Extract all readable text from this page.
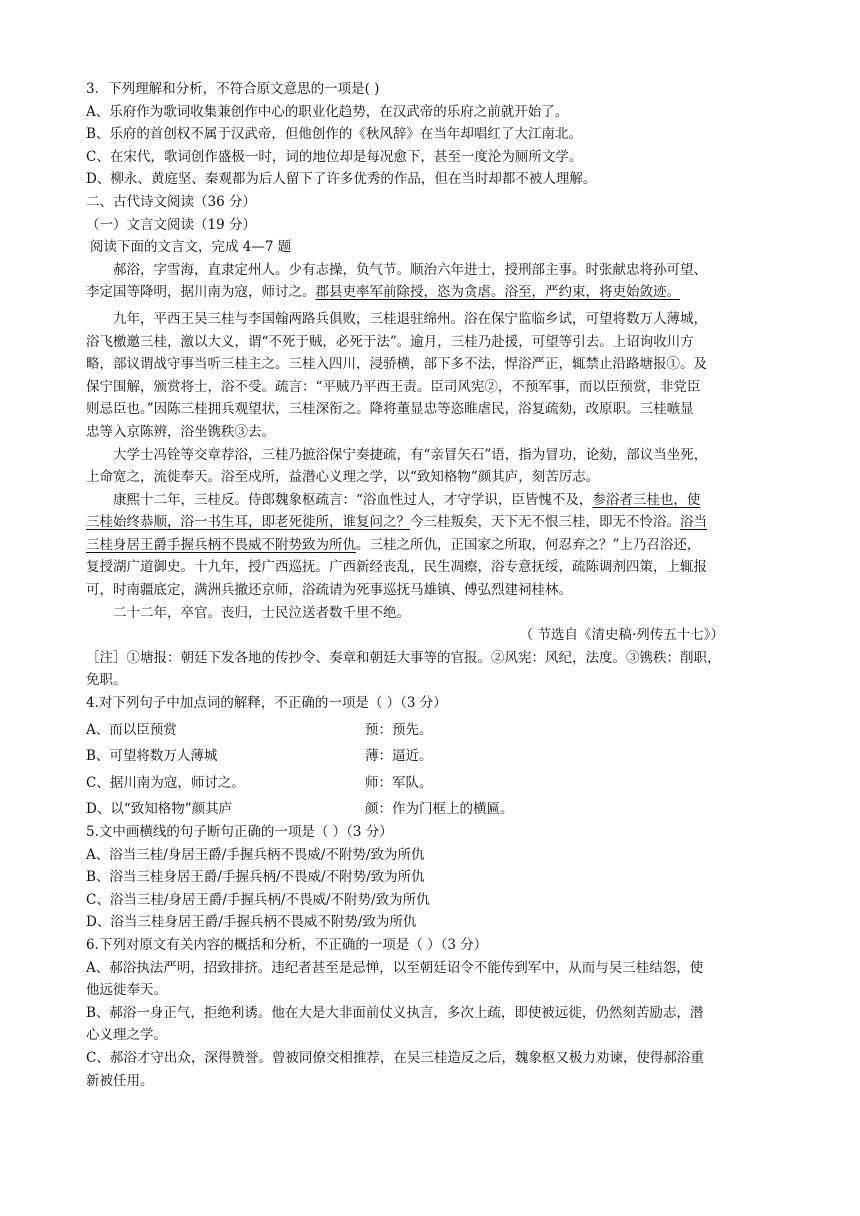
3．下列理解和分析，不符合原文意思的一项是( )
A、乐府作为歌词收集兼创作中心的职业化趋势，在汉武帝的乐府之前就开始了。
B、乐府的首创权不属于汉武帝，但他创作的《秋风辞》在当年却唱红了大江南北。
C、在宋代，歌词创作盛极一时，词的地位却是每况愈下，甚至一度沦为厕所文学。
D、柳永、黄庭坚、秦观都为后人留下了许多优秀的作品，但在当时却都不被人理解。
二、古代诗文阅读（36 分）
（一）文言文阅读（19 分）
阅读下面的文言文，完成 4—7 题
郝浴，字雪海，直隶定州人。少有志操，负气节。顺治六年进士，授刑部主事。时张献忠将孙可望、
李定国等降明，据川南为寇，师讨之。郡县吏率军前除授，恣为贪虐。浴至，严约束，将吏始敛迹。
九年，平西王吴三桂与李国翰两路兵俱败，三桂退驻绵州。浴在保宁监临乡试，可望将数万人薄城，
浴飞檄邀三桂，激以大义，谓“不死于贼，必死于法”。逾月，三桂乃赴援，可望等引去。上诏询收川方
略，部议谓战守事当听三桂主之。三桂入四川，浸骄横，部下多不法，悍浴严正，辄禁止沿路塘报①。及
保宁围解，颁赏将士，浴不受。疏言：“平贼乃平西王责。臣司风宪②，不预军事，而以臣预赏，非党臣
则忌臣也。”因陈三桂拥兵观望状，三桂深衔之。降将董显忠等恣睢虐民，浴复疏劾，改原职。三桂嗾显
忠等入京陈辨，浴坐镌秩③去。
大学士冯铨等交章荐浴，三桂乃摭浴保宁奏捷疏，有“亲冒矢石”语，指为冒功，论劾，部议当坐死，
上命宽之，流徙奉天。浴至戍所，益潜心义理之学，以“致知格物”颜其庐，刻苦厉志。
康熙十二年，三桂反。侍郎魏象枢疏言：“浴血性过人，才守学识，臣皆愧不及，参浴者三桂也，使
三桂始终恭顺，浴一书生耳，即老死徙所，谁复问之？今三桂叛矣，天下无不恨三桂，即无不怜浴。浴当
三桂身居王爵手握兵柄不畏威不附势致为所仇。三桂之所仇，正国家之所取，何忍弃之？”上乃召浴还，
复授湖广道御史。十九年，授广西巡抚。广西新经丧乱，民生凋瘵，浴专意抚绥，疏陈调剂四策，上辄报
可，时南疆底定，满洲兵撤还京师，浴疏请为死事巡抚马雄镇、傅弘烈建祠桂林。
二十二年，卒官。丧归，士民泣送者数千里不绝。
（ 节选自《清史稿·列传五十七》）
［注］①塘报：朝廷下发各地的传抄令、奏章和朝廷大事等的官报。②风宪：风纪，法度。③镌秩：削职，
免职。
4.对下列句子中加点词的解释，不正确的一项是（ ）（3 分）
A、而以臣预赏	预：预先。
B、可望将数万人薄城	薄：逼近。
C、据川南为寇，师讨之。	师：军队。
D、以“致知格物”颜其庐	颜：作为门框上的横匾。
5.文中画横线的句子断句正确的一项是（ ）（3 分）
A、浴当三桂/身居王爵/手握兵柄不畏威/不附势/致为所仇
B、浴当三桂身居王爵/手握兵柄/不畏威/不附势/致为所仇
C、浴当三桂/身居王爵/手握兵柄/不畏威/不附势/致为所仇
D、浴当三桂身居王爵/手握兵柄不畏威不附势/致为所仇
6.下列对原文有关内容的概括和分析，不正确的一项是（ ）（3 分）
A、郝浴执法严明，招致排挤。违纪者甚至是忌惮，以至朝廷诏令不能传到军中，从而与吴三桂结怨，使
他远徙奉天。
B、郝浴一身正气，拒绝利诱。他在大是大非面前仗义执言，多次上疏，即使被远徙，仍然刻苦励志，潜
心义理之学。
C、郝浴才守出众，深得赞誉。曾被同僚交相推荐，在吴三桂造反之后，魏象枢又极力劝谏，使得郝浴重
新被任用。
